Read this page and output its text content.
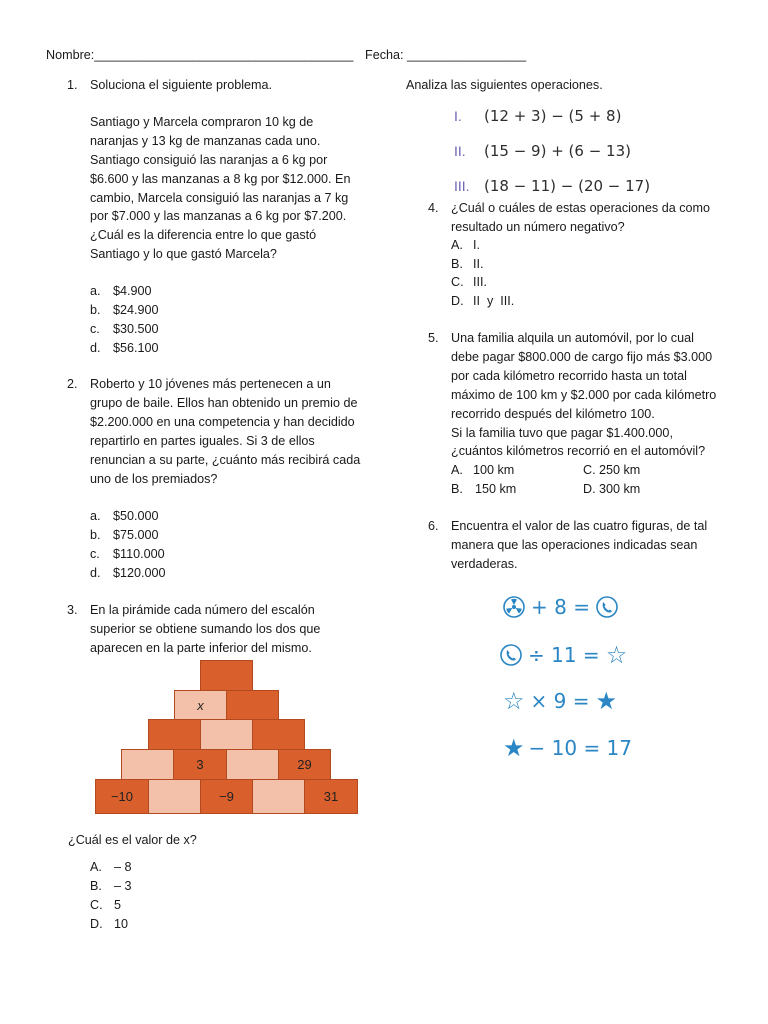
Nombre:_____________________________________ Fecha: _________________
1. Soluciona el siguiente problema.
Santiago y Marcela compraron 10 kg de
naranjas y 13 kg de manzanas cada uno.
Santiago consiguió las naranjas a 6 kg por
$6.600 y las manzanas a 8 kg por $12.000. En
cambio, Marcela consiguió las naranjas a 7 kg
por $7.000 y las manzanas a 6 kg por $7.200.
¿Cuál es la diferencia entre lo que gastó
Santiago y lo que gastó Marcela?
a. $4.900
b. $24.900
c. $30.500
d. $56.100
2. Roberto y 10 jóvenes más pertenecen a un
grupo de baile. Ellos han obtenido un premio de
$2.200.000 en una competencia y han decidido
repartirlo en partes iguales. Si 3 de ellos
renuncian a su parte, ¿cuánto más recibirá cada
uno de los premiados?
a. $50.000
b. $75.000
c. $110.000
d. $120.000
3. En la pirámide cada número del escalón
superior se obtiene sumando los dos que
aparecen en la parte inferior del mismo.
x
3	29
−10	−9	31
¿Cuál es el valor de x?
A. – 8
B. – 3
C. 5
D. 10
Analiza las siguientes operaciones.
I. (12 + 3) − (5 + 8)
II. (15 − 9) + (6 − 13)
III. (18 − 11) − (20 − 17)
4. ¿Cuál o cuáles de estas operaciones da como
resultado un número negativo?
A. I.
B. II.
C. III.
D. II  y  III.
5. Una familia alquila un automóvil, por lo cual
debe pagar $800.000 de cargo fijo más $3.000
por cada kilómetro recorrido hasta un total
máximo de 100 km y $2.000 por cada kilómetro
recorrido después del kilómetro 100.
Si la familia tuvo que pagar $1.400.000,
¿cuántos kilómetros recorrió en el automóvil?
A. 100 km	C. 250 km
B. 150 km	D. 300 km
6. Encuentra el valor de las cuatro figuras, de tal
manera que las operaciones indicadas sean
verdaderas.
+ 8 =
÷ 11 = ☆
☆ × 9 = ★
★ − 10 = 17
